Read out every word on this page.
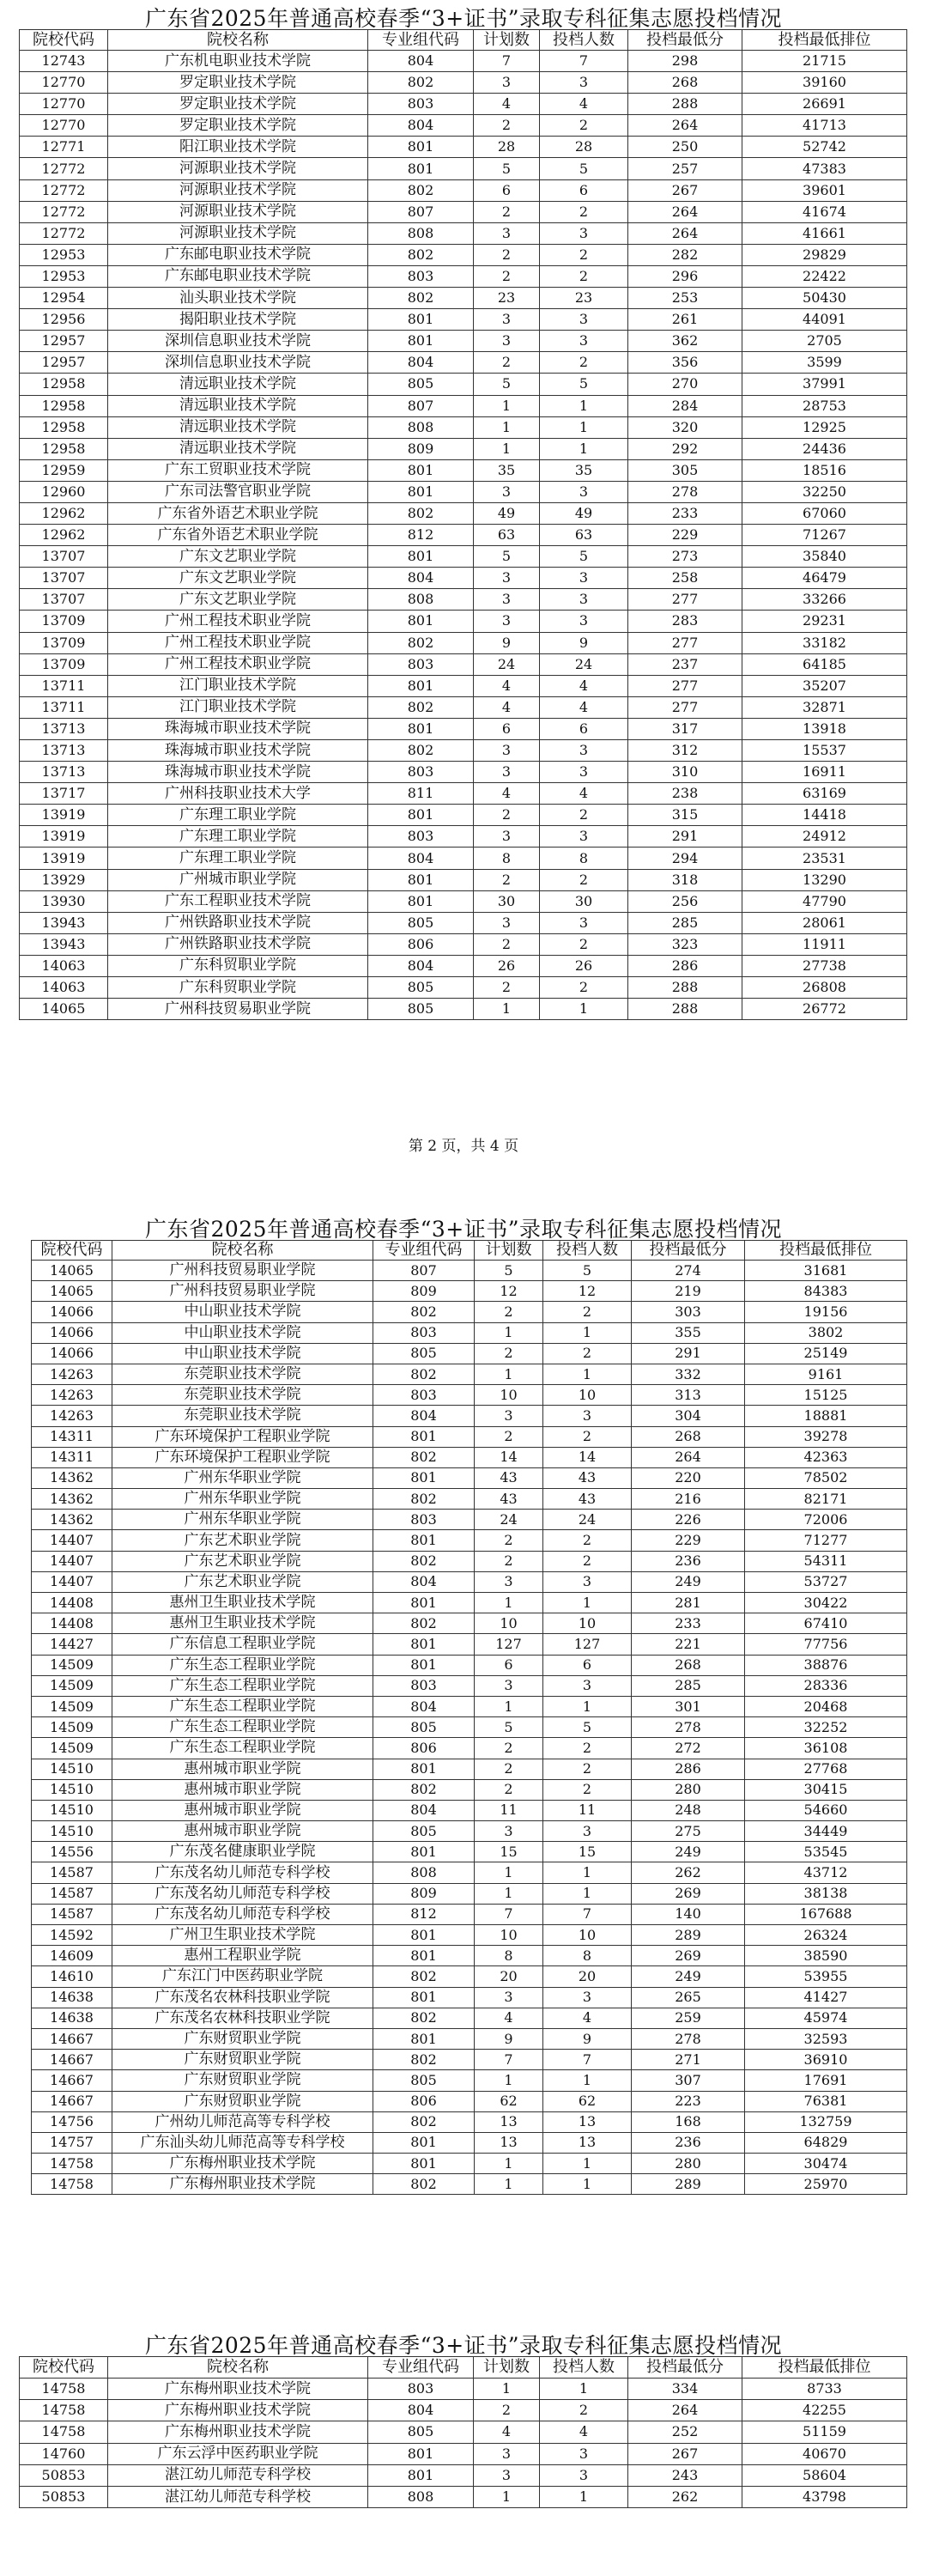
广东省2025年普通高校春季“3+证书”录取专科征集志愿投档情况
院校代码	院校名称	专业组代码	计划数	投档人数	投档最低分	投档最低排位
12743	广东机电职业技术学院	804	7	7	298	21715
12770	罗定职业技术学院	802	3	3	268	39160
12770	罗定职业技术学院	803	4	4	288	26691
12770	罗定职业技术学院	804	2	2	264	41713
12771	阳江职业技术学院	801	28	28	250	52742
12772	河源职业技术学院	801	5	5	257	47383
12772	河源职业技术学院	802	6	6	267	39601
12772	河源职业技术学院	807	2	2	264	41674
12772	河源职业技术学院	808	3	3	264	41661
12953	广东邮电职业技术学院	802	2	2	282	29829
12953	广东邮电职业技术学院	803	2	2	296	22422
12954	汕头职业技术学院	802	23	23	253	50430
12956	揭阳职业技术学院	801	3	3	261	44091
12957	深圳信息职业技术学院	801	3	3	362	2705
12957	深圳信息职业技术学院	804	2	2	356	3599
12958	清远职业技术学院	805	5	5	270	37991
12958	清远职业技术学院	807	1	1	284	28753
12958	清远职业技术学院	808	1	1	320	12925
12958	清远职业技术学院	809	1	1	292	24436
12959	广东工贸职业技术学院	801	35	35	305	18516
12960	广东司法警官职业学院	801	3	3	278	32250
12962	广东省外语艺术职业学院	802	49	49	233	67060
12962	广东省外语艺术职业学院	812	63	63	229	71267
13707	广东文艺职业学院	801	5	5	273	35840
13707	广东文艺职业学院	804	3	3	258	46479
13707	广东文艺职业学院	808	3	3	277	33266
13709	广州工程技术职业学院	801	3	3	283	29231
13709	广州工程技术职业学院	802	9	9	277	33182
13709	广州工程技术职业学院	803	24	24	237	64185
13711	江门职业技术学院	801	4	4	277	35207
13711	江门职业技术学院	802	4	4	277	32871
13713	珠海城市职业技术学院	801	6	6	317	13918
13713	珠海城市职业技术学院	802	3	3	312	15537
13713	珠海城市职业技术学院	803	3	3	310	16911
13717	广州科技职业技术大学	811	4	4	238	63169
13919	广东理工职业学院	801	2	2	315	14418
13919	广东理工职业学院	803	3	3	291	24912
13919	广东理工职业学院	804	8	8	294	23531
13929	广州城市职业学院	801	2	2	318	13290
13930	广东工程职业技术学院	801	30	30	256	47790
13943	广州铁路职业技术学院	805	3	3	285	28061
13943	广州铁路职业技术学院	806	2	2	323	11911
14063	广东科贸职业学院	804	26	26	286	27738
14063	广东科贸职业学院	805	2	2	288	26808
14065	广州科技贸易职业学院	805	1	1	288	26772
第 2 页，共 4 页
广东省2025年普通高校春季“3+证书”录取专科征集志愿投档情况
院校代码	院校名称	专业组代码	计划数	投档人数	投档最低分	投档最低排位
14065	广州科技贸易职业学院	807	5	5	274	31681
14065	广州科技贸易职业学院	809	12	12	219	84383
14066	中山职业技术学院	802	2	2	303	19156
14066	中山职业技术学院	803	1	1	355	3802
14066	中山职业技术学院	805	2	2	291	25149
14263	东莞职业技术学院	802	1	1	332	9161
14263	东莞职业技术学院	803	10	10	313	15125
14263	东莞职业技术学院	804	3	3	304	18881
14311	广东环境保护工程职业学院	801	2	2	268	39278
14311	广东环境保护工程职业学院	802	14	14	264	42363
14362	广州东华职业学院	801	43	43	220	78502
14362	广州东华职业学院	802	43	43	216	82171
14362	广州东华职业学院	803	24	24	226	72006
14407	广东艺术职业学院	801	2	2	229	71277
14407	广东艺术职业学院	802	2	2	236	54311
14407	广东艺术职业学院	804	3	3	249	53727
14408	惠州卫生职业技术学院	801	1	1	281	30422
14408	惠州卫生职业技术学院	802	10	10	233	67410
14427	广东信息工程职业学院	801	127	127	221	77756
14509	广东生态工程职业学院	801	6	6	268	38876
14509	广东生态工程职业学院	803	3	3	285	28336
14509	广东生态工程职业学院	804	1	1	301	20468
14509	广东生态工程职业学院	805	5	5	278	32252
14509	广东生态工程职业学院	806	2	2	272	36108
14510	惠州城市职业学院	801	2	2	286	27768
14510	惠州城市职业学院	802	2	2	280	30415
14510	惠州城市职业学院	804	11	11	248	54660
14510	惠州城市职业学院	805	3	3	275	34449
14556	广东茂名健康职业学院	801	15	15	249	53545
14587	广东茂名幼儿师范专科学校	808	1	1	262	43712
14587	广东茂名幼儿师范专科学校	809	1	1	269	38138
14587	广东茂名幼儿师范专科学校	812	7	7	140	167688
14592	广州卫生职业技术学院	801	10	10	289	26324
14609	惠州工程职业学院	801	8	8	269	38590
14610	广东江门中医药职业学院	802	20	20	249	53955
14638	广东茂名农林科技职业学院	801	3	3	265	41427
14638	广东茂名农林科技职业学院	802	4	4	259	45974
14667	广东财贸职业学院	801	9	9	278	32593
14667	广东财贸职业学院	802	7	7	271	36910
14667	广东财贸职业学院	805	1	1	307	17691
14667	广东财贸职业学院	806	62	62	223	76381
14756	广州幼儿师范高等专科学校	802	13	13	168	132759
14757	广东汕头幼儿师范高等专科学校	801	13	13	236	64829
14758	广东梅州职业技术学院	801	1	1	280	30474
14758	广东梅州职业技术学院	802	1	1	289	25970
广东省2025年普通高校春季“3+证书”录取专科征集志愿投档情况
院校代码	院校名称	专业组代码	计划数	投档人数	投档最低分	投档最低排位
14758	广东梅州职业技术学院	803	1	1	334	8733
14758	广东梅州职业技术学院	804	2	2	264	42255
14758	广东梅州职业技术学院	805	4	4	252	51159
14760	广东云浮中医药职业学院	801	3	3	267	40670
50853	湛江幼儿师范专科学校	801	3	3	243	58604
50853	湛江幼儿师范专科学校	808	1	1	262	43798
